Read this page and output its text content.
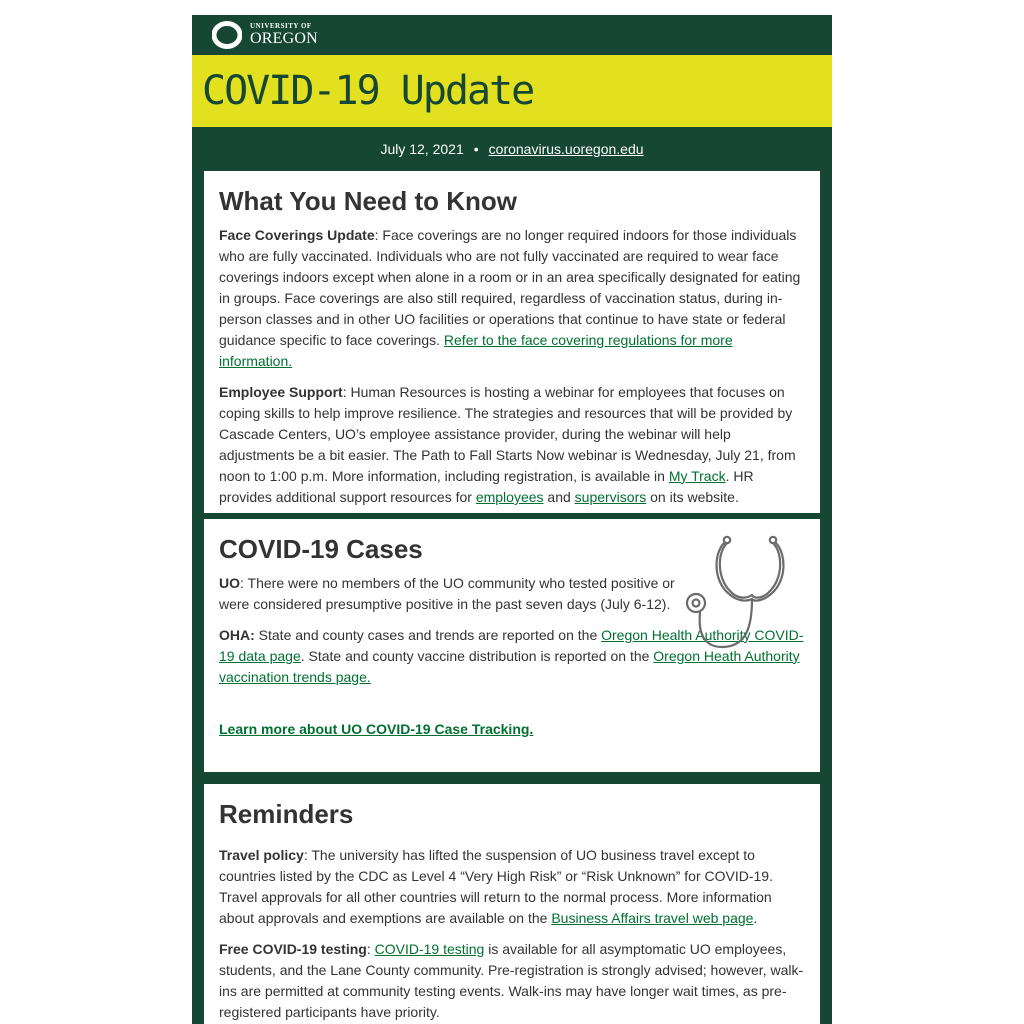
UNIVERSITY OF
OREGON
COVID-19 Update
July 12, 2021 • coronavirus.uoregon.edu
What You Need to Know

Face Coverings Update: Face coverings are no longer required indoors for those individuals who are fully vaccinated. Individuals who are not fully vaccinated are required to wear face coverings indoors except when alone in a room or in an area specifically designated for eating in groups. Face coverings are also still required, regardless of vaccination status, during in-person classes and in other UO facilities or operations that continue to have state or federal guidance specific to face coverings. Refer to the face covering regulations for more information.

Employee Support: Human Resources is hosting a webinar for employees that focuses on coping skills to help improve resilience. The strategies and resources that will be provided by Cascade Centers, UO’s employee assistance provider, during the webinar will help adjustments be a bit easier. The Path to Fall Starts Now webinar is Wednesday, July 21, from noon to 1:00 p.m. More information, including registration, is available in My Track. HR provides additional support resources for employees and supervisors on its website.

COVID-19 Cases

UO: There were no members of the UO community who tested positive or were considered presumptive positive in the past seven days (July 6-12).

OHA: State and county cases and trends are reported on the Oregon Health Authority COVID-19 data page. State and county vaccine distribution is reported on the Oregon Heath Authority vaccination trends page.

Learn more about UO COVID-19 Case Tracking.

Reminders

Travel policy: The university has lifted the suspension of UO business travel except to countries listed by the CDC as Level 4 “Very High Risk” or “Risk Unknown” for COVID-19. Travel approvals for all other countries will return to the normal process. More information about approvals and exemptions are available on the Business Affairs travel web page.

Free COVID-19 testing: COVID-19 testing is available for all asymptomatic UO employees, students, and the Lane County community. Pre-registration is strongly advised; however, walk-ins are permitted at community testing events. Walk-ins may have longer wait times, as pre-registered participants have priority.
